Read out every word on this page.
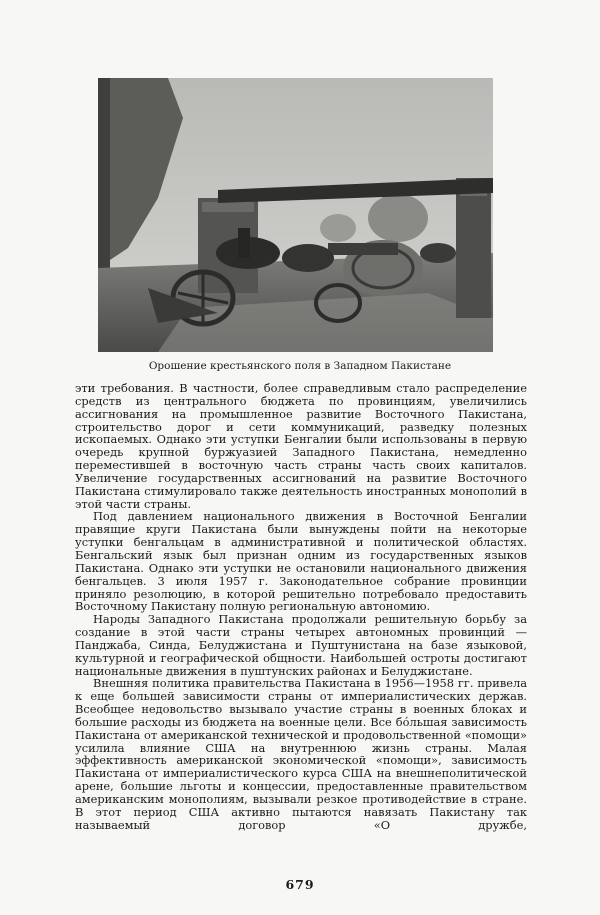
Орошение крестьянского поля в Западном Пакистане

эти требования. В частности, более справедливым стало распределение средств из центрального бюджета по провинциям, увеличились ассигнования на промышленное развитие Восточного Пакистана, строительство дорог и сети коммуникаций, разведку полезных ископаемых. Однако эти уступки Бенгалии были использованы в первую очередь крупной буржуазией Западного Пакистана, немедленно переместившей в восточную часть страны часть своих капиталов. Увеличение государственных ассигнований на развитие Восточного Пакистана стимулировало также деятельность иностранных монополий в этой части страны.

Под давлением национального движения в Восточной Бенгалии правящие круги Пакистана были вынуждены пойти на некоторые уступки бенгальцам в административной и политической областях. Бенгальский язык был признан одним из государственных языков Пакистана. Однако эти уступки не остановили национального движения бенгальцев. 3 июля 1957 г. Законодательное собрание провинции приняло резолюцию, в которой решительно потребовало предоставить Восточному Пакистану полную региональную автономию.

Народы Западного Пакистана продолжали решительную борьбу за создание в этой части страны четырех автономных провинций — Панджаба, Синда, Белуджистана и Пуштунистана на базе языковой, культурной и географической общности. Наибольшей остроты достигают национальные движения в пуштунских районах и Белуджистане.

Внешняя политика правительства Пакистана в 1956—1958 гг. привела к еще большей зависимости страны от империалистических держав. Всеобщее недовольство вызывало участие страны в военных блоках и большие расходы из бюджета на военные цели. Все бóльшая зависимость Пакистана от американской технической и продовольственной «помощи» усилила влияние США на внутреннюю жизнь страны. Малая эффективность американской экономической «помощи», зависимость Пакистана от империалистического курса США на внешнеполитической арене, большие льготы и концессии, предоставленные правительством американским монополиям, вызывали резкое противодействие в стране. В этот период США активно пытаются навязать Пакистану так называемый договор «О дружбе,

679
